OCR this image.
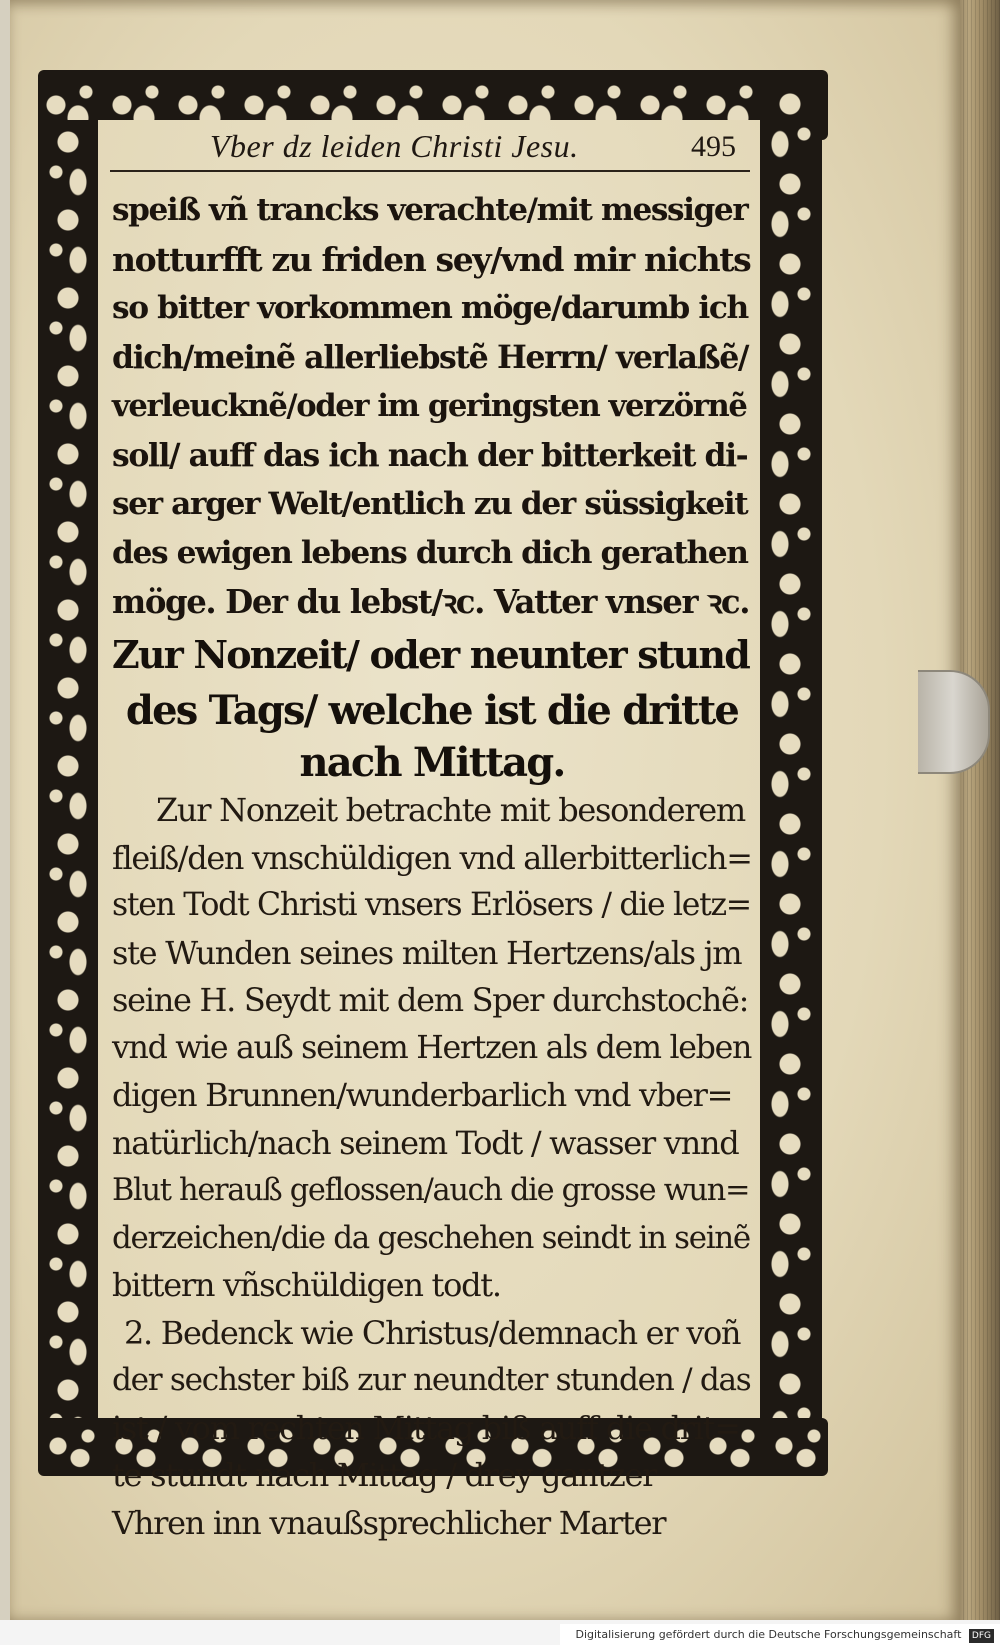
Vber dz leiden Christi Jesu.	495
speiß vñ trancks verachte/mit messiger
notturfft zu friden sey/vnd mir nichts
so bitter vorkommen möge/darumb ich
dich/meinẽ allerliebstẽ Herrn/ verlaßẽ/
verleucknẽ/oder im geringsten verzörnẽ
soll/ auff das ich nach der bitterkeit di-
ser arger Welt/entlich zu der süssigkeit
des ewigen lebens durch dich gerathen
möge. Der du lebst/ꝛc. Vatter vnser ꝛc.
Zur Nonzeit/ oder neunter stund
des Tags/ welche ist die dritte
nach Mittag.
Zur Nonzeit betrachte mit besonderem
fleiß/den vnschüldigen vnd allerbitterlich=
sten Todt Christi vnsers Erlösers / die letz=
ste Wunden seines milten Hertzens/als jm
seine H. Seydt mit dem Sper durchstochẽ:
vnd wie auß seinem Hertzen als dem leben
digen Brunnen/wunderbarlich vnd vber=
natürlich/nach seinem Todt / wasser vnnd
Blut herauß geflossen/auch die grosse wun=
derzeichen/die da geschehen seindt in seinẽ
bittern vñschüldigen todt.
2. Bedenck wie Christus/demnach er voñ
der sechster biß zur neundter stunden / das
ist / vom rechten Mittag biß auff die drit=
te stundt nach Mittag / drey gantzer
Vhren inn vnaußsprechlicher Marter
Digitalisierung gefördert durch die Deutsche Forschungsgemeinschaft DFG
